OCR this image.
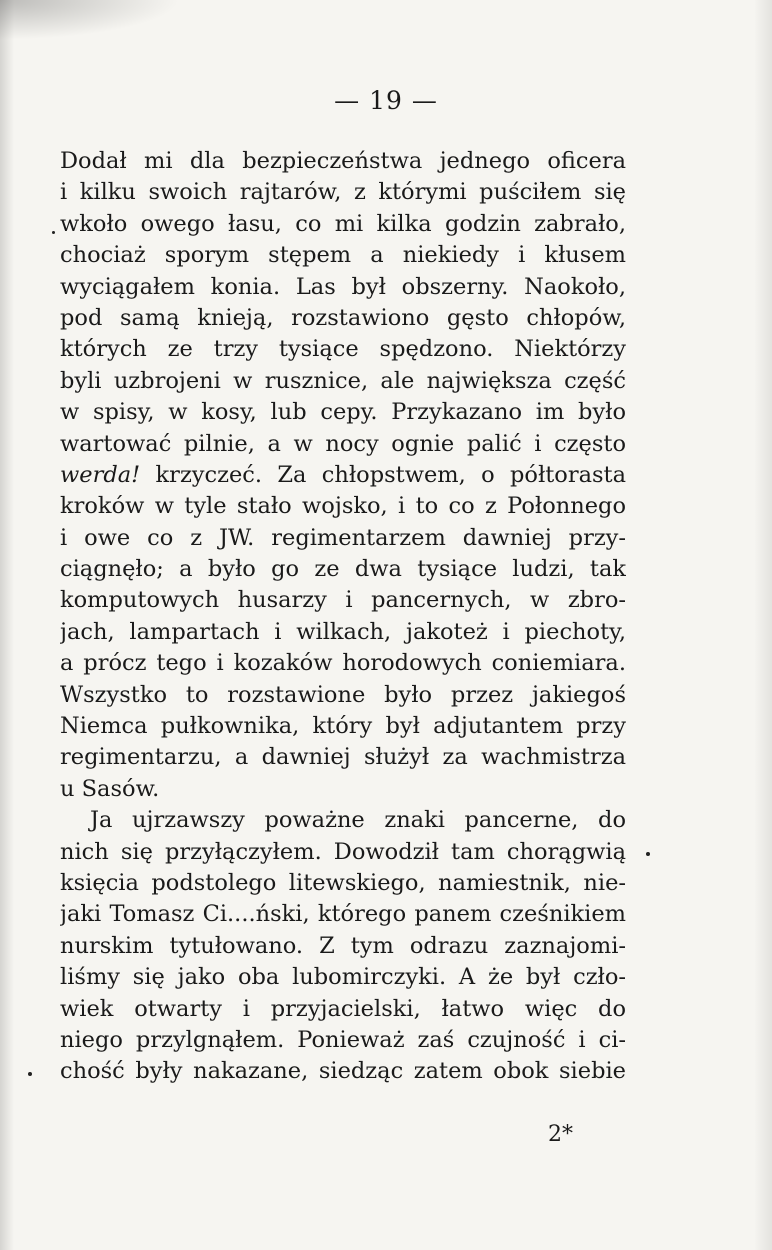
— 19 —
Dodał mi dla bezpieczeństwa jednego oficera
i kilku swoich rajtarów, z którymi puściłem się
wkoło owego łasu, co mi kilka godzin zabrało,
chociaż sporym stępem a niekiedy i kłusem
wyciągałem konia. Las był obszerny. Naokoło,
pod samą knieją, rozstawiono gęsto chłopów,
których ze trzy tysiące spędzono. Niektórzy
byli uzbrojeni w rusznice, ale największa część
w spisy, w kosy, lub cepy. Przykazano im było
wartować pilnie, a w nocy ognie palić i często
werda! krzyczeć. Za chłopstwem, o półtorasta
kroków w tyle stało wojsko, i to co z Połonnego
i owe co z JW. regimentarzem dawniej przy-
ciągnęło; a było go ze dwa tysiące ludzi, tak
komputowych husarzy i pancernych, w zbro-
jach, lampartach i wilkach, jakoteż i piechoty,
a prócz tego i kozaków horodowych coniemiara.
Wszystko to rozstawione było przez jakiegoś
Niemca pułkownika, który był adjutantem przy
regimentarzu, a dawniej służył za wachmistrza
u Sasów.
Ja ujrzawszy poważne znaki pancerne, do
nich się przyłączyłem. Dowodził tam chorągwią
księcia podstolego litewskiego, namiestnik, nie-
jaki Tomasz Ci....ński, którego panem cześnikiem
nurskim tytułowano. Z tym odrazu zaznajomi-
liśmy się jako oba lubomirczyki. A że był czło-
wiek otwarty i przyjacielski, łatwo więc do
niego przylgnąłem. Ponieważ zaś czujność i ci-
chość były nakazane, siedząc zatem obok siebie
2*
